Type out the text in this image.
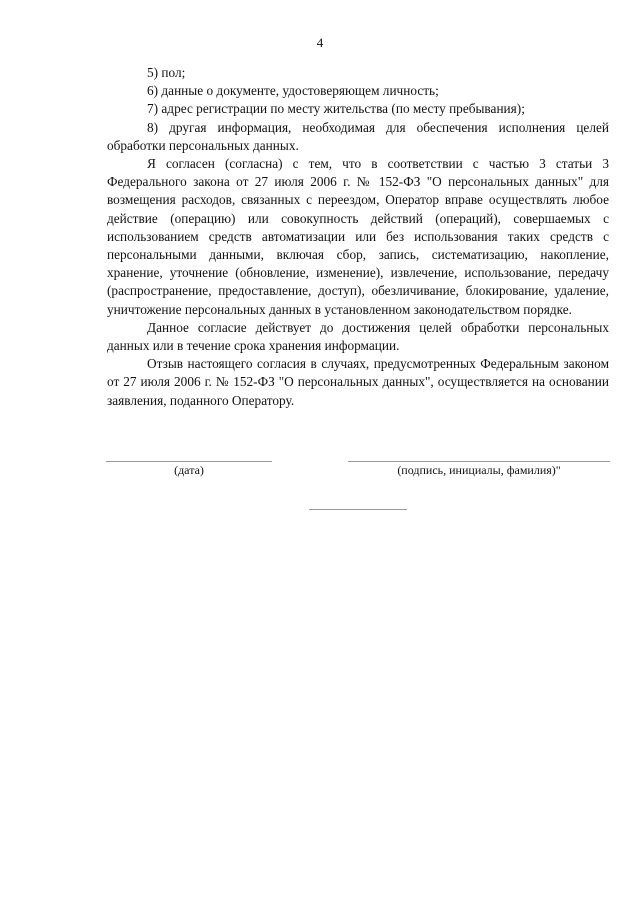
4

5) пол;

6) данные о документе, удостоверяющем личность;

7) адрес регистрации по месту жительства (по месту пребывания);

8) другая информация, необходимая для обеспечения исполнения целей обработки персональных данных.

Я согласен (согласна) с тем, что в соответствии с частью 3 статьи 3 Федерального закона от 27 июля 2006 г. № 152-ФЗ "О персональных данных" для возмещения расходов, связанных с переездом, Оператор вправе осуществлять любое действие (операцию) или совокупность действий (операций), совершаемых с использованием средств автоматизации или без использования таких средств с персональными данными, включая сбор, запись, систематизацию, накопление, хранение, уточнение (обновление, изменение), извлечение, использование, передачу (распространение, предоставление, доступ), обезличивание, блокирование, удаление, уничтожение персональных данных в установленном законодательством порядке.

Данное согласие действует до достижения целей обработки персональных данных или в течение срока хранения информации.

Отзыв настоящего согласия в случаях, предусмотренных Федеральным законом от 27 июля 2006 г. № 152-ФЗ "О персональных данных", осуществляется на основании заявления, поданного Оператору.

(дата)	(подпись, инициалы, фамилия)"
